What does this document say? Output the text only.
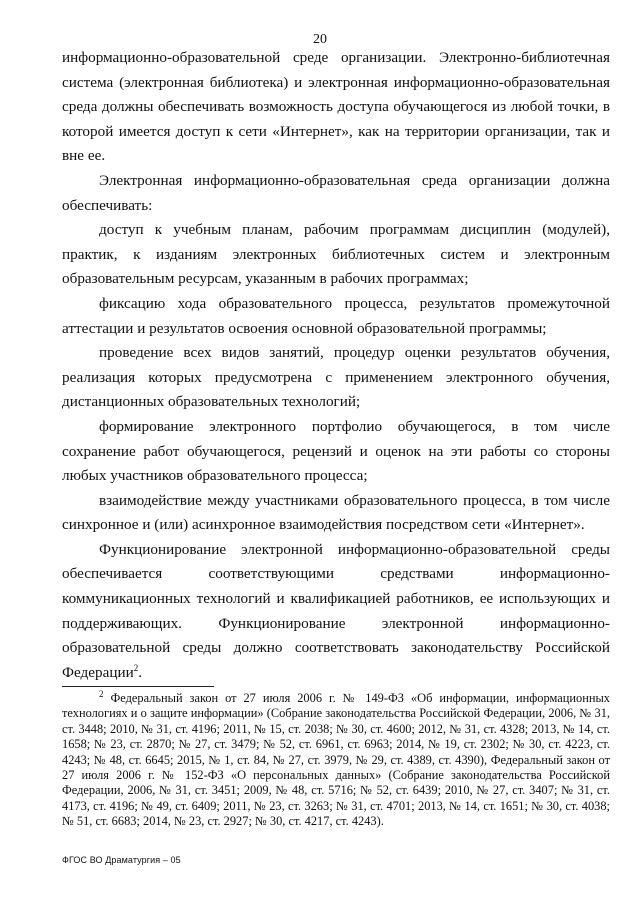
20

информационно-образовательной среде организации. Электронно-библиотечная система (электронная библиотека) и электронная информационно-образовательная среда должны обеспечивать возможность доступа обучающегося из любой точки, в которой имеется доступ к сети «Интернет», как на территории организации, так и вне ее.

Электронная информационно-образовательная среда организации должна обеспечивать:

доступ к учебным планам, рабочим программам дисциплин (модулей), практик, к изданиям электронных библиотечных систем и электронным образовательным ресурсам, указанным в рабочих программах;

фиксацию хода образовательного процесса, результатов промежуточной аттестации и результатов освоения основной образовательной программы;

проведение всех видов занятий, процедур оценки результатов обучения, реализация которых предусмотрена с применением электронного обучения, дистанционных образовательных технологий;

формирование электронного портфолио обучающегося, в том числе сохранение работ обучающегося, рецензий и оценок на эти работы со стороны любых участников образовательного процесса;

взаимодействие между участниками образовательного процесса, в том числе синхронное и (или) асинхронное взаимодействия посредством сети «Интернет».

Функционирование электронной информационно-образовательной среды обеспечивается соответствующими средствами информационно-коммуникационных технологий и квалификацией работников, ее использующих и поддерживающих. Функционирование электронной информационно-образовательной среды должно соответствовать законодательству Российской Федерации$^2$.

$^2$ Федеральный закон от 27 июля 2006 г. № 149-ФЗ «Об информации, информационных технологиях и о защите информации» (Собрание законодательства Российской Федерации, 2006, № 31, ст. 3448; 2010, № 31, ст. 4196; 2011, № 15, ст. 2038; № 30, ст. 4600; 2012, № 31, ст. 4328; 2013, № 14, ст. 1658; № 23, ст. 2870; № 27, ст. 3479; № 52, ст. 6961, ст. 6963; 2014, № 19, ст. 2302; № 30, ст. 4223, ст. 4243; № 48, ст. 6645; 2015, № 1, ст. 84, № 27, ст. 3979, № 29, ст. 4389, ст. 4390), Федеральный закон от 27 июля 2006 г. № 152-ФЗ «О персональных данных» (Собрание законодательства Российской Федерации, 2006, № 31, ст. 3451; 2009, № 48, ст. 5716; № 52, ст. 6439; 2010, № 27, ст. 3407; № 31, ст. 4173, ст. 4196; № 49, ст. 6409; 2011, № 23, ст. 3263; № 31, ст. 4701; 2013, № 14, ст. 1651; № 30, ст. 4038; № 51, ст. 6683; 2014, № 23, ст. 2927; № 30, ст. 4217, ст. 4243).
ФГОС ВО Драматургия – 05
